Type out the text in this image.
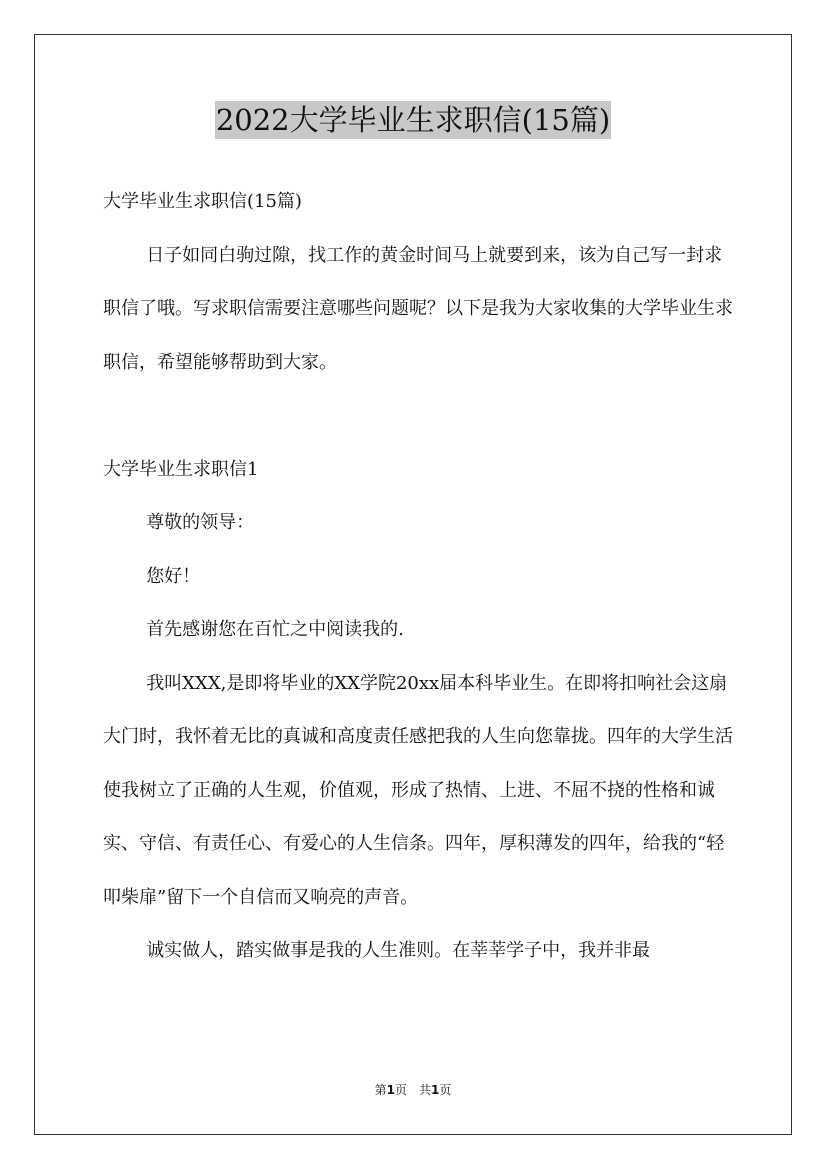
2022大学毕业生求职信(15篇)

大学毕业生求职信(15篇)

日子如同白驹过隙，找工作的黄金时间马上就要到来，该为自己写一封求职信了哦。写求职信需要注意哪些问题呢？以下是我为大家收集的大学毕业生求职信，希望能够帮助到大家。

大学毕业生求职信1

尊敬的领导：

您好！

首先感谢您在百忙之中阅读我的.

我叫XXX,是即将毕业的XX学院20xx届本科毕业生。在即将扣响社会这扇大门时，我怀着无比的真诚和高度责任感把我的人生向您靠拢。四年的大学生活使我树立了正确的人生观，价值观，形成了热情、上进、不屈不挠的性格和诚实、守信、有责任心、有爱心的人生信条。四年，厚积薄发的四年，给我的“轻叩柴扉”留下一个自信而又响亮的声音。

诚实做人，踏实做事是我的人生准则。在莘莘学子中，我并非最

第1页　共1页
